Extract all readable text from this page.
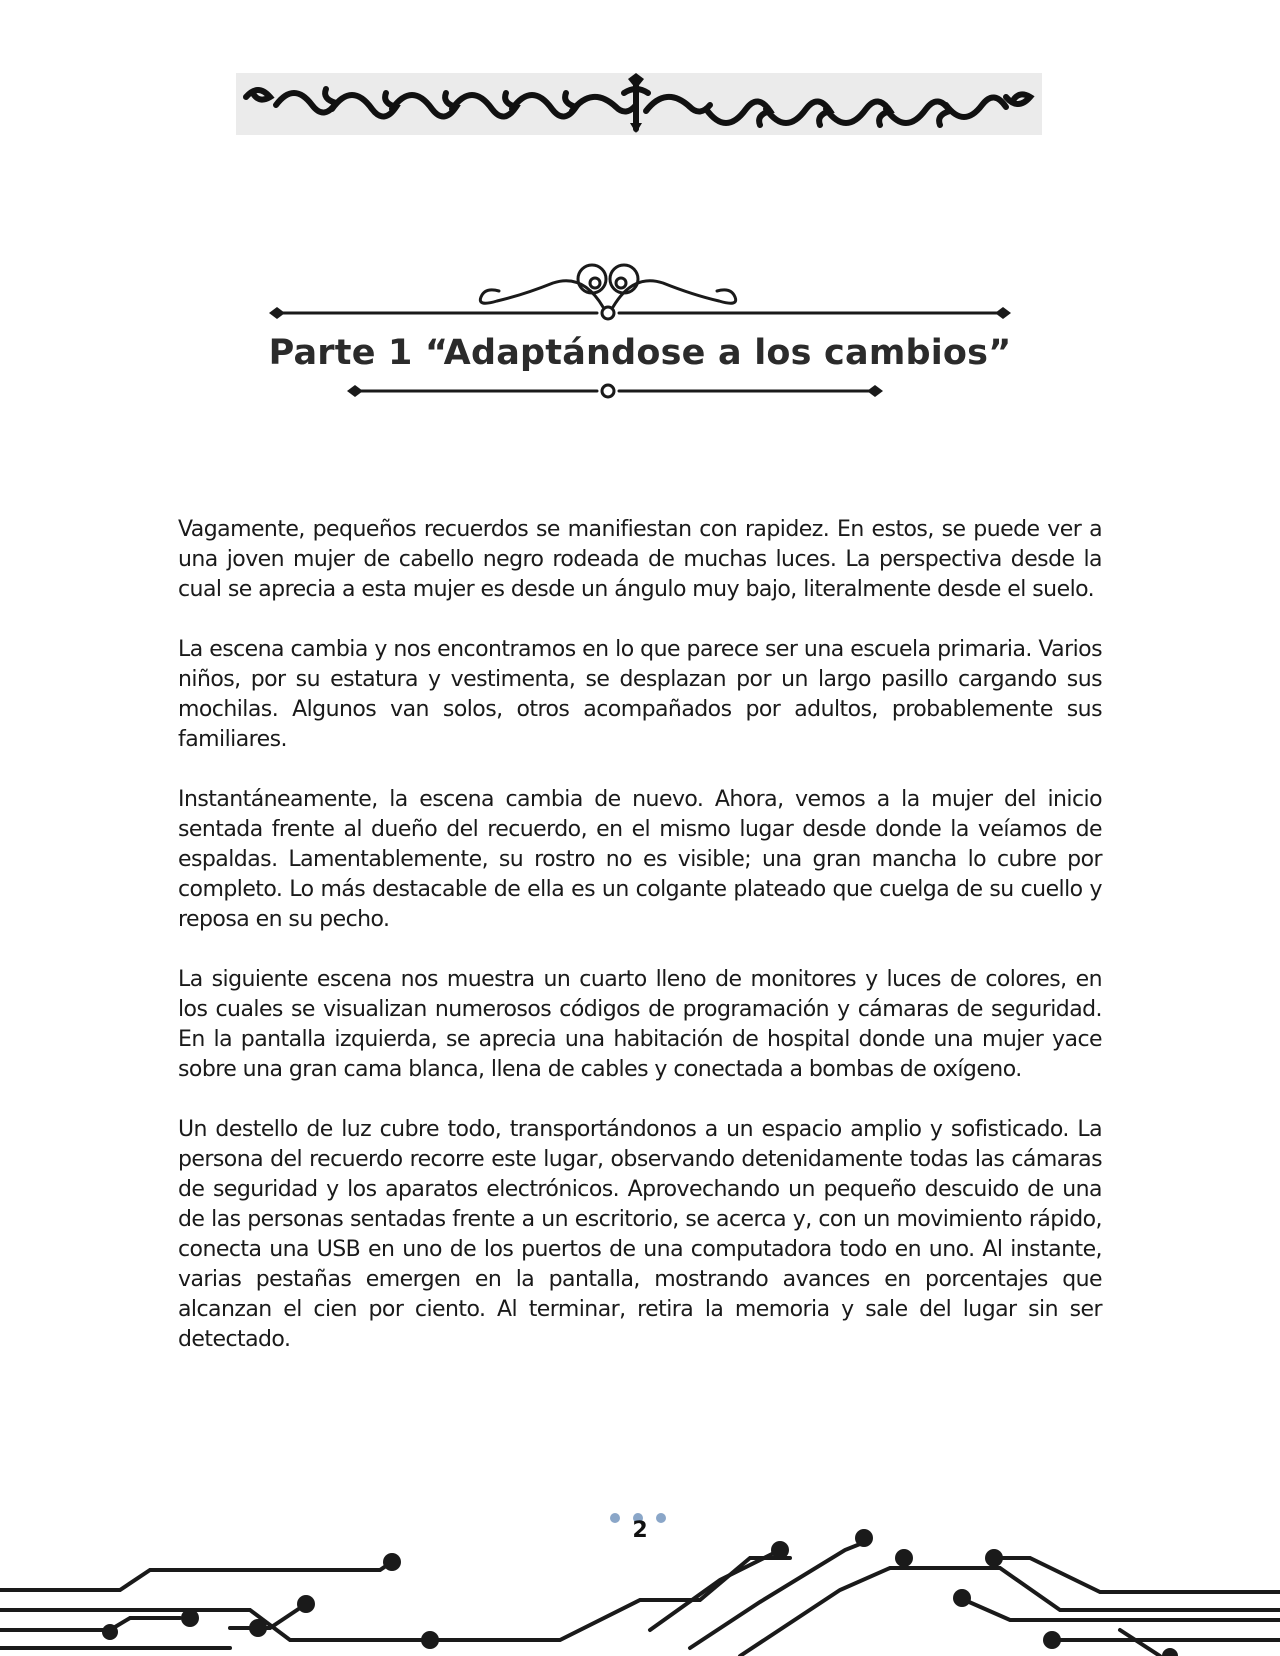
Parte 1 “Adaptándose a los cambios”

Vagamente, pequeños recuerdos se manifiestan con rapidez. En estos, se puede ver a una joven mujer de cabello negro rodeada de muchas luces. La perspectiva desde la cual se aprecia a esta mujer es desde un ángulo muy bajo, literalmente desde el suelo.

La escena cambia y nos encontramos en lo que parece ser una escuela primaria. Varios niños, por su estatura y vestimenta, se desplazan por un largo pasillo cargando sus mochilas. Algunos van solos, otros acompañados por adultos, probablemente sus familiares.

Instantáneamente, la escena cambia de nuevo. Ahora, vemos a la mujer del inicio sentada frente al dueño del recuerdo, en el mismo lugar desde donde la veíamos de espaldas. Lamentablemente, su rostro no es visible; una gran mancha lo cubre por completo. Lo más destacable de ella es un colgante plateado que cuelga de su cuello y reposa en su pecho.

La siguiente escena nos muestra un cuarto lleno de monitores y luces de colores, en los cuales se visualizan numerosos códigos de programación y cámaras de seguridad. En la pantalla izquierda, se aprecia una habitación de hospital donde una mujer yace sobre una gran cama blanca, llena de cables y conectada a bombas de oxígeno.

Un destello de luz cubre todo, transportándonos a un espacio amplio y sofisticado. La persona del recuerdo recorre este lugar, observando detenidamente todas las cámaras de seguridad y los aparatos electrónicos. Aprovechando un pequeño descuido de una de las personas sentadas frente a un escritorio, se acerca y, con un movimiento rápido, conecta una USB en uno de los puertos de una computadora todo en uno. Al instante, varias pestañas emergen en la pantalla, mostrando avances en porcentajes que alcanzan el cien por ciento. Al terminar, retira la memoria y sale del lugar sin ser detectado.

2
